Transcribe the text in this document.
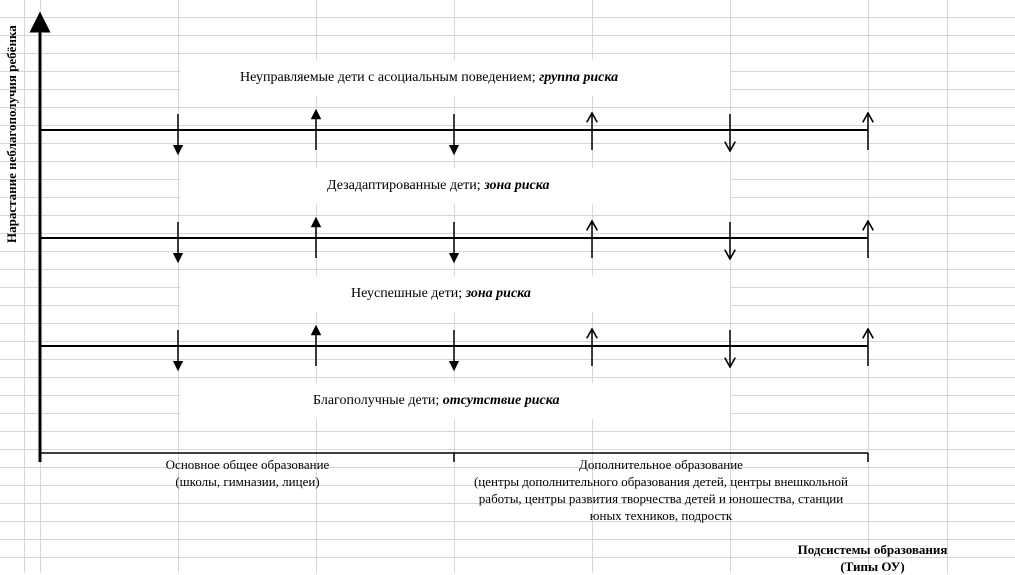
Нарастание неблагополучия ребёнка	Неуправляемые дети с асоциальным поведением; группа риска
Дезадаптированные дети; зона риска
Неуспешные дети; зона риска
Благополучные дети; отсутствие риска
Основное общее образование
(школы, гимназии, лицеи)
Дополнительное образование
(центры дополнительного образования детей, центры внешкольной
работы, центры развития творчества детей и юношества, станции
юных техников, подростк
Подсистемы образования
(Типы ОУ)
